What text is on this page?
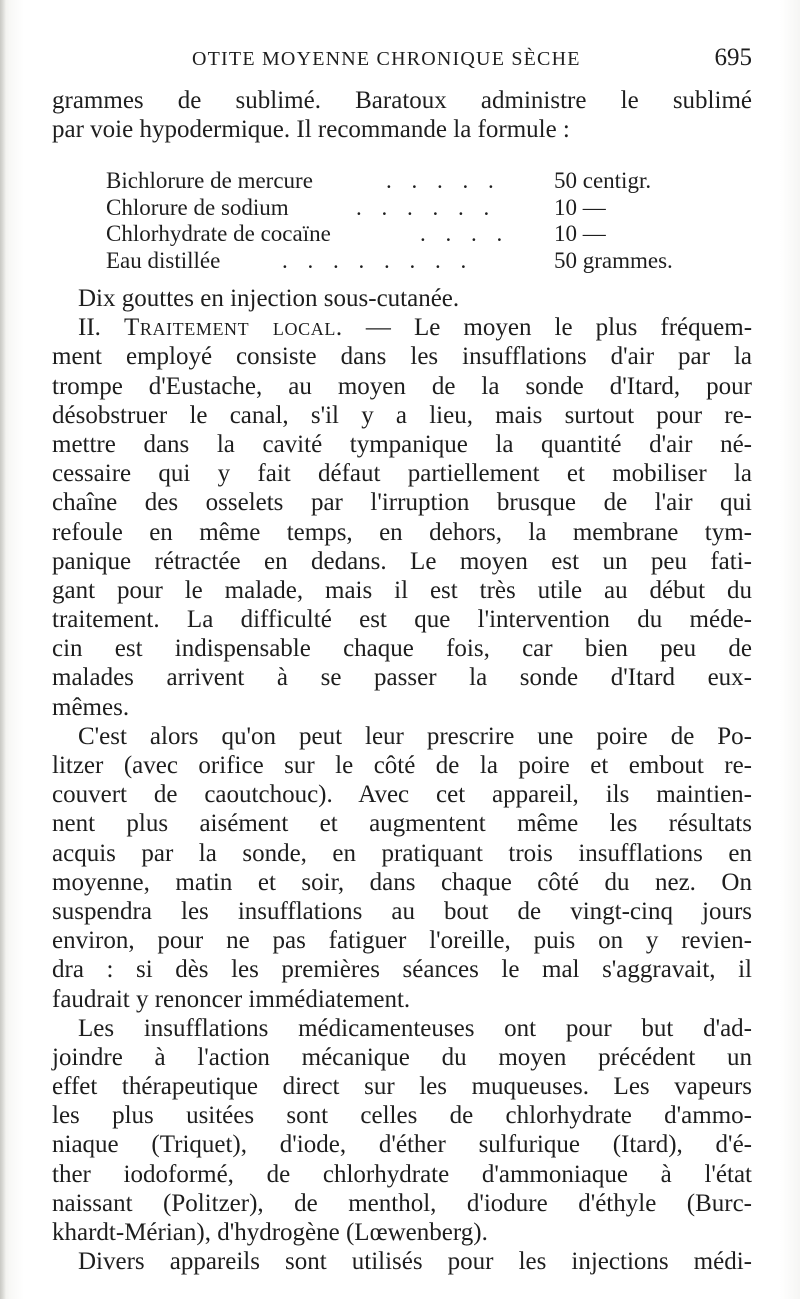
OTITE MOYENNE CHRONIQUE SÈCHE	695
grammes de sublimé. Baratoux administre le sublimé
par voie hypodermique. Il recommande la formule :
Bichlorure de mercure	. . . . . 50 centigr.
Chlorure de sodium	. . . . . .	10 —
Chlorhydrate de cocaïne	. . . . 10 —
Eau distillée	. . . . . . . .	50 grammes.
Dix gouttes en injection sous-cutanée.
II. Traitement local. — Le moyen le plus fréquem-
ment employé consiste dans les insufflations d'air par la
trompe d'Eustache, au moyen de la sonde d'Itard, pour
désobstruer le canal, s'il y a lieu, mais surtout pour re-
mettre dans la cavité tympanique la quantité d'air né-
cessaire qui y fait défaut partiellement et mobiliser la
chaîne des osselets par l'irruption brusque de l'air qui
refoule en même temps, en dehors, la membrane tym-
panique rétractée en dedans. Le moyen est un peu fati-
gant pour le malade, mais il est très utile au début du
traitement. La difficulté est que l'intervention du méde-
cin est indispensable chaque fois, car bien peu de
malades arrivent à se passer la sonde d'Itard eux-
mêmes.
C'est alors qu'on peut leur prescrire une poire de Po-
litzer (avec orifice sur le côté de la poire et embout re-
couvert de caoutchouc). Avec cet appareil, ils maintien-
nent plus aisément et augmentent même les résultats
acquis par la sonde, en pratiquant trois insufflations en
moyenne, matin et soir, dans chaque côté du nez. On
suspendra les insufflations au bout de vingt-cinq jours
environ, pour ne pas fatiguer l'oreille, puis on y revien-
dra : si dès les premières séances le mal s'aggravait, il
faudrait y renoncer immédiatement.
Les insufflations médicamenteuses ont pour but d'ad-
joindre à l'action mécanique du moyen précédent un
effet thérapeutique direct sur les muqueuses. Les vapeurs
les plus usitées sont celles de chlorhydrate d'ammo-
niaque (Triquet), d'iode, d'éther sulfurique (Itard), d'é-
ther iodoformé, de chlorhydrate d'ammoniaque à l'état
naissant (Politzer), de menthol, d'iodure d'éthyle (Burc-
khardt-Mérian), d'hydrogène (Lœwenberg).
Divers appareils sont utilisés pour les injections médi-
